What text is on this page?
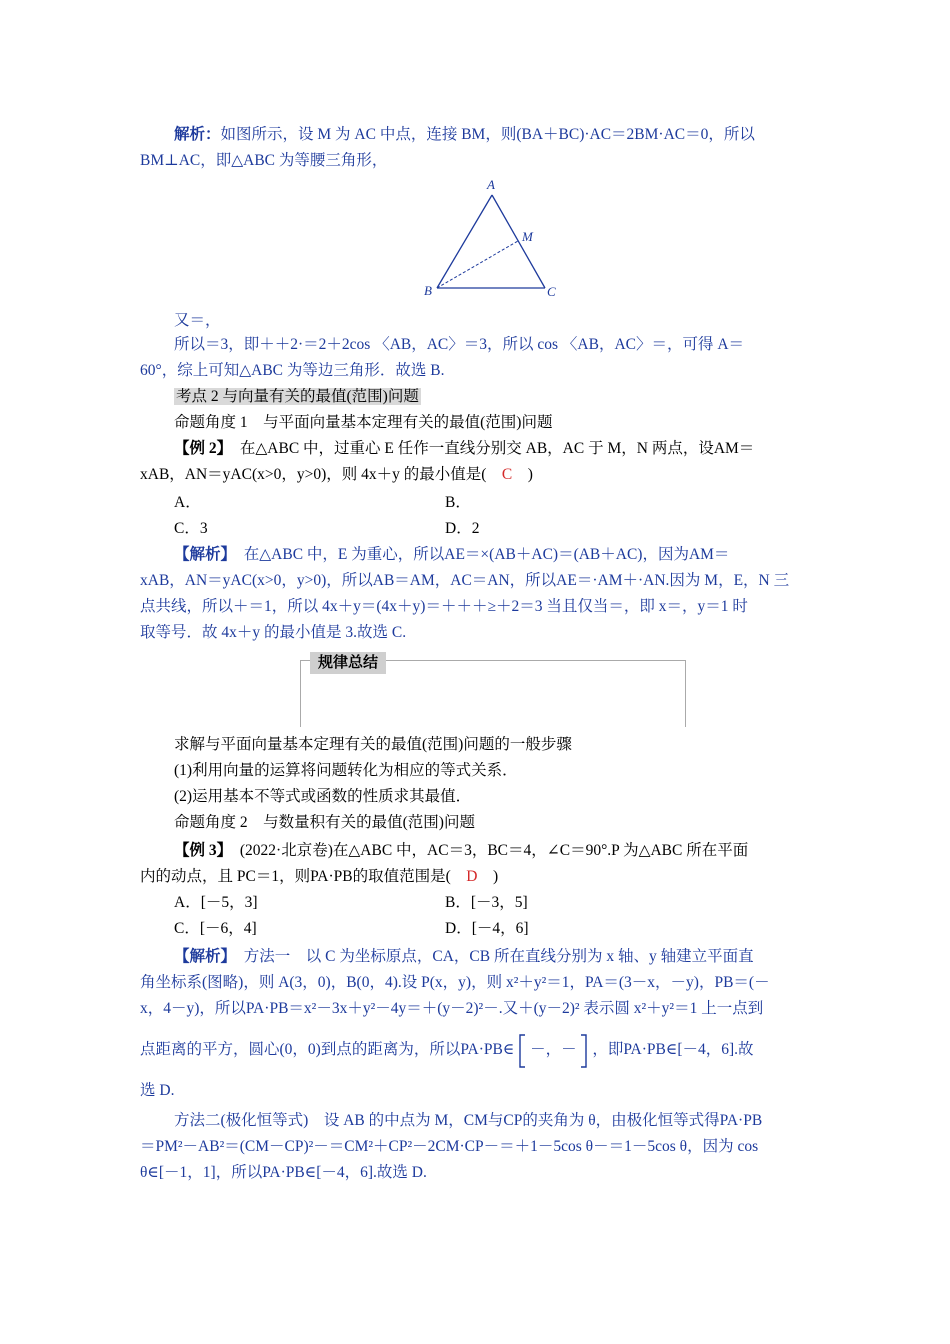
解析：如图所示，设 M 为 AC 中点，连接 BM，则(BA＋BC)·AC＝2BM·AC＝0，所以
BM⊥AC，即△ABC 为等腰三角形，
A
B	C
M
又＝，
所以＝3，即＋＋2·＝2＋2cos 〈AB，AC〉＝3，所以 cos 〈AB，AC〉＝，可得 A＝
60°，综上可知△ABC 为等边三角形．故选 B.
考点 2 与向量有关的最值(范围)问题
命题角度 1　与平面向量基本定理有关的最值(范围)问题
【例 2】　在△ABC 中，过重心 E 任作一直线分别交 AB，AC 于 M，N 两点，设AM＝
xAB，AN＝yAC(x>0，y>0)，则 4x＋y 的最小值是(　C　)
A．	B．
C．3	D．2
【解析】　在△ABC 中，E 为重心，所以AE＝×(AB＋AC)＝(AB＋AC)，因为AM＝
xAB，AN＝yAC(x>0，y>0)，所以AB＝AM，AC＝AN，所以AE＝·AM＋·AN.因为 M，E，N 三
点共线，所以＋＝1，所以 4x＋y＝(4x＋y)＝＋＋＋≥＋2＝3 当且仅当＝，即 x＝，y＝1 时
取等号．故 4x＋y 的最小值是 3.故选 C.
规律总结
求解与平面向量基本定理有关的最值(范围)问题的一般步骤
(1)利用向量的运算将问题转化为相应的等式关系．
(2)运用基本不等式或函数的性质求其最值．
命题角度 2　与数量积有关的最值(范围)问题
【例 3】　(2022·北京卷)在△ABC 中，AC＝3，BC＝4，∠C＝90°.P 为△ABC 所在平面
内的动点，且 PC＝1，则PA·PB的取值范围是(　D　)
A．[－5，3]	B．[－3，5]
C．[－6，4]	D．[－4，6]
【解析】　方法一　以 C 为坐标原点，CA，CB 所在直线分别为 x 轴、y 轴建立平面直
角坐标系(图略)，则 A(3，0)，B(0，4).设 P(x，y)，则 x²＋y²＝1，PA＝(3－x，－y)，PB＝(－
x，4－y)，所以PA·PB＝x²－3x＋y²－4y＝＋(y－2)²－.又＋(y－2)² 表示圆 x²＋y²＝1 上一点到
点距离的平方，圆心(0，0)到点的距离为，所以PA·PB∈ －，－ ，即PA·PB∈[－4，6].故
选 D.
方法二(极化恒等式)　设 AB 的中点为 M，CM与CP的夹角为 θ，由极化恒等式得PA·PB
＝PM²－AB²＝(CM－CP)²－＝CM²＋CP²－2CM·CP－＝＋1－5cos θ－＝1－5cos θ，因为 cos
θ∈[－1，1]，所以PA·PB∈[－4，6].故选 D.
